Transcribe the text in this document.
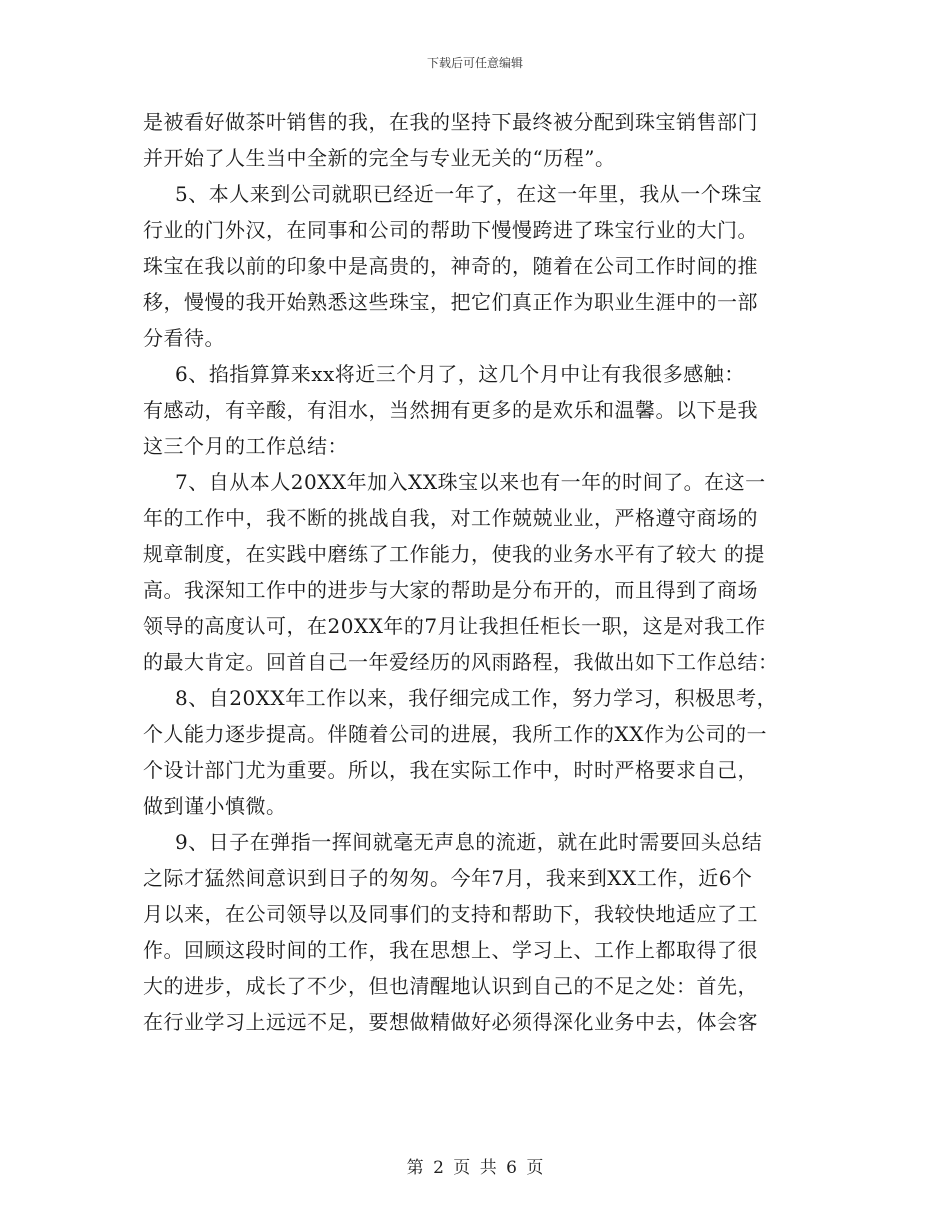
下载后可任意编辑
是被看好做茶叶销售的我，在我的坚持下最终被分配到珠宝销售部门
并开始了人生当中全新的完全与专业无关的“历程”。
5、本人来到公司就职已经近一年了，在这一年里，我从一个珠宝
行业的门外汉，在同事和公司的帮助下慢慢跨进了珠宝行业的大门。
珠宝在我以前的印象中是高贵的，神奇的，随着在公司工作时间的推
移，慢慢的我开始熟悉这些珠宝，把它们真正作为职业生涯中的一部
分看待。
6、掐指算算来xx将近三个月了，这几个月中让有我很多感触：
有感动，有辛酸，有泪水，当然拥有更多的是欢乐和温馨。以下是我
这三个月的工作总结：
7、自从本人20XX年加入XX珠宝以来也有一年的时间了。在这一
年的工作中，我不断的挑战自我，对工作兢兢业业，严格遵守商场的
规章制度，在实践中磨练了工作能力，使我的业务水平有了较大 的提
高。我深知工作中的进步与大家的帮助是分布开的，而且得到了商场
领导的高度认可，在20XX年的7月让我担任柜长一职，这是对我工作
的最大肯定。回首自己一年爱经历的风雨路程，我做出如下工作总结：
8、自20XX年工作以来，我仔细完成工作，努力学习，积极思考，
个人能力逐步提高。伴随着公司的进展，我所工作的XX作为公司的一
个设计部门尤为重要。所以，我在实际工作中，时时严格要求自己，
做到谨小慎微。
9、日子在弹指一挥间就毫无声息的流逝，就在此时需要回头总结
之际才猛然间意识到日子的匆匆。今年7月，我来到XX工作，近6个
月以来，在公司领导以及同事们的支持和帮助下，我较快地适应了工
作。回顾这段时间的工作，我在思想上、学习上、工作上都取得了很
大的进步，成长了不少，但也清醒地认识到自己的不足之处：首先，
在行业学习上远远不足，要想做精做好必须得深化业务中去，体会客
第 2 页 共 6 页
